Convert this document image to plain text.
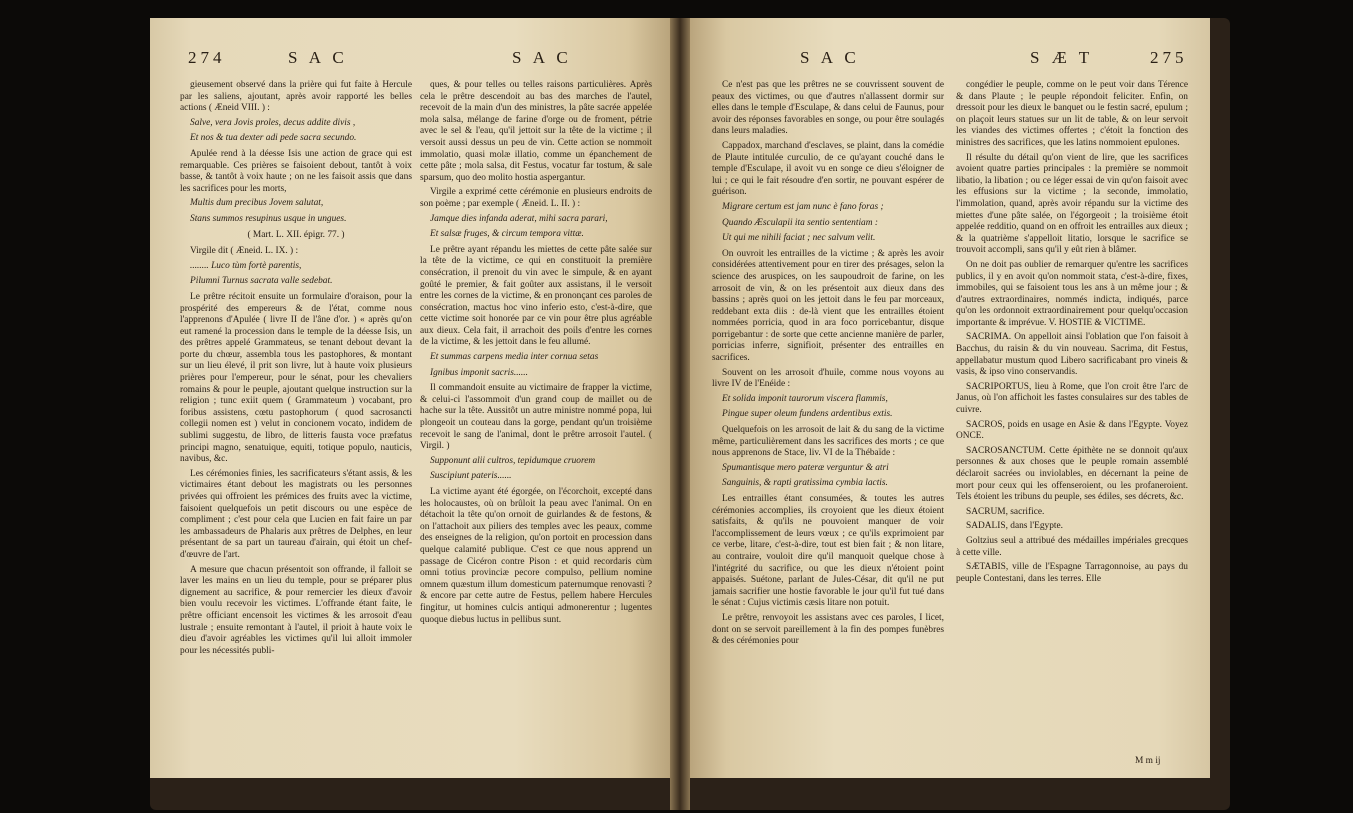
274	S A C	S A C

gieusement observé dans la prière qui fut faite à Hercule par les saliens, ajoutant, après avoir rapporté les belles actions ( Æneid VIII. ) :

Salve, vera Jovis proles, decus addite divis ,

Et nos & tua dexter adi pede sacra secundo.

Apulée rend à la déesse Isis une action de grace qui est remarquable. Ces prières se faisoient debout, tantôt à voix basse, & tantôt à voix haute ; on ne les faisoit assis que dans les sacrifices pour les morts,

Multis dum precibus Jovem salutat,

Stans summos resupinus usque in ungues.

( Mart. L. XII. épigr. 77. )

Virgile dit ( Æneid. L. IX. ) :

........ Luco tùm fortè parentis,

Pilumni Turnus sacrata valle sedebat.

Le prêtre récitoit ensuite un formulaire d'oraison, pour la prospérité des empereurs & de l'état, comme nous l'apprenons d'Apulée ( livre II de l'âne d'or. ) « après qu'on eut ramené la procession dans le temple de la déesse Isis, un des prêtres appelé Grammateus, se tenant debout devant la porte du chœur, assembla tous les pastophores, & montant sur un lieu élevé, il prit son livre, lut à haute voix plusieurs prières pour l'empereur, pour le sénat, pour les chevaliers romains & pour le peuple, ajoutant quelque instruction sur la religion ; tunc exiit quem ( Grammateum ) vocabant, pro foribus assistens, cœtu pastophorum ( quod sacrosancti collegii nomen est ) velut in concionem vocato, indidem de sublimi suggestu, de libro, de litteris fausta voce præfatus principi magno, senatuique, equiti, totique populo, nauticis, navibus, &c.

Les cérémonies finies, les sacrificateurs s'étant assis, & les victimaires étant debout les magistrats ou les personnes privées qui offroient les prémices des fruits avec la victime, faisoient quelquefois un petit discours ou une espèce de compliment ; c'est pour cela que Lucien en fait faire un par les ambassadeurs de Phalaris aux prêtres de Delphes, en leur présentant de sa part un taureau d'airain, qui étoit un chef-d'œuvre de l'art.

A mesure que chacun présentoit son offrande, il falloit se laver les mains en un lieu du temple, pour se préparer plus dignement au sacrifice, & pour remercier les dieux d'avoir bien voulu recevoir les victimes. L'offrande étant faite, le prêtre officiant encensoit les victimes & les arrosoit d'eau lustrale ; ensuite remontant à l'autel, il prioit à haute voix le dieu d'avoir agréables les victimes qu'il lui alloit immoler pour les nécessités publi-

ques, & pour telles ou telles raisons particulières. Après cela le prêtre descendoit au bas des marches de l'autel, recevoit de la main d'un des ministres, la pâte sacrée appelée mola salsa, mélange de farine d'orge ou de froment, pétrie avec le sel & l'eau, qu'il jettoit sur la tête de la victime ; il versoit aussi dessus un peu de vin. Cette action se nommoit immolatio, quasi molæ illatio, comme un épanchement de cette pâte ; mola salsa, dit Festus, vocatur far tostum, & sale sparsum, quo deo molito hostia aspergantur.

Virgile a exprimé cette cérémonie en plusieurs endroits de son poème ; par exemple ( Æneid. L. II. ) :

Jamque dies infanda aderat, mihi sacra parari,

Et salsæ fruges, & circum tempora vittæ.

Le prêtre ayant répandu les miettes de cette pâte salée sur la tête de la victime, ce qui en constituoit la première consécration, il prenoit du vin avec le simpule, & en ayant goûté le premier, & fait goûter aux assistans, il le versoit entre les cornes de la victime, & en prononçant ces paroles de consécration, mactus hoc vino inferio esto, c'est-à-dire, que cette victime soit honorée par ce vin pour être plus agréable aux dieux. Cela fait, il arrachoit des poils d'entre les cornes de la victime, & les jettoit dans le feu allumé.

Et summas carpens media inter cornua setas

Ignibus imponit sacris......

Il commandoit ensuite au victimaire de frapper la victime, & celui-ci l'assommoit d'un grand coup de maillet ou de hache sur la tête. Aussitôt un autre ministre nommé popa, lui plongeoit un couteau dans la gorge, pendant qu'un troisième recevoit le sang de l'animal, dont le prêtre arrosoit l'autel. ( Virgil. )

Supponunt alii cultros, tepidumque cruorem

Suscipiunt pateris......

La victime ayant été égorgée, on l'écorchoit, excepté dans les holocaustes, où on brûloit la peau avec l'animal. On en détachoit la tête qu'on ornoit de guirlandes & de festons, & on l'attachoit aux piliers des temples avec les peaux, comme des enseignes de la religion, qu'on portoit en procession dans quelque calamité publique. C'est ce que nous apprend un passage de Cicéron contre Pison : et quid recordaris cùm omni totius provinciæ pecore compulso, pellium nomine omnem quæstum illum domesticum paternumque renovasti ? & encore par cette autre de Festus, pellem habere Hercules fingitur, ut homines culcis antiqui admonerentur ; lugentes quoque diebus luctus in pellibus sunt.

S A C	S Æ T	275

Ce n'est pas que les prêtres ne se couvrissent souvent de peaux des victimes, ou que d'autres n'allassent dormir sur elles dans le temple d'Esculape, & dans celui de Faunus, pour avoir des réponses favorables en songe, ou pour être soulagés dans leurs maladies.

Cappadox, marchand d'esclaves, se plaint, dans la comédie de Plaute intitulée curculio, de ce qu'ayant couché dans le temple d'Esculape, il avoit vu en songe ce dieu s'éloigner de lui ; ce qui le fait résoudre d'en sortir, ne pouvant espérer de guérison.

Migrare certum est jam nunc è fano foras ;

Quando Æsculapii ita sentio sententiam :

Ut qui me nihili faciat ; nec salvum velit.

On ouvroit les entrailles de la victime ; & après les avoir considérées attentivement pour en tirer des présages, selon la science des aruspices, on les saupoudroit de farine, on les arrosoit de vin, & on les présentoit aux dieux dans des bassins ; après quoi on les jettoit dans le feu par morceaux, reddebant exta diis : de-là vient que les entrailles étoient nommées porricia, quod in ara foco porricebantur, disque porrigebantur : de sorte que cette ancienne manière de parler, porricias inferre, signifioit, présenter des entrailles en sacrifices.

Souvent on les arrosoit d'huile, comme nous voyons au livre IV de l'Enéide :

Et solida imponit taurorum viscera flammis,

Pingue super oleum fundens ardentibus extis.

Quelquefois on les arrosoit de lait & du sang de la victime même, particulièrement dans les sacrifices des morts ; ce que nous apprenons de Stace, liv. VI de la Thébaïde :

Spumantisque mero pateræ verguntur & atri

Sanguinis, & rapti gratissima cymbia lactis.

Les entrailles étant consumées, & toutes les autres cérémonies accomplies, ils croyoient que les dieux étoient satisfaits, & qu'ils ne pouvoient manquer de voir l'accomplissement de leurs vœux ; ce qu'ils exprimoient par ce verbe, litare, c'est-à-dire, tout est bien fait ; & non litare, au contraire, vouloit dire qu'il manquoit quelque chose à l'intégrité du sacrifice, ou que les dieux n'étoient point appaisés. Suétone, parlant de Jules-César, dit qu'il ne put jamais sacrifier une hostie favorable le jour qu'il fut tué dans le sénat : Cujus victimis cæsis litare non potuit.

Le prêtre, renvoyoit les assistans avec ces paroles, I licet, dont on se servoit pareillement à la fin des pompes funèbres & des cérémonies pour

congédier le peuple, comme on le peut voir dans Térence & dans Plaute ; le peuple répondoit feliciter. Enfin, on dressoit pour les dieux le banquet ou le festin sacré, epulum ; on plaçoit leurs statues sur un lit de table, & on leur servoit les viandes des victimes offertes ; c'étoit la fonction des ministres des sacrifices, que les latins nommoient epulones.

Il résulte du détail qu'on vient de lire, que les sacrifices avoient quatre parties principales : la première se nommoit libatio, la libation ; ou ce léger essai de vin qu'on faisoit avec les effusions sur la victime ; la seconde, immolatio, l'immolation, quand, après avoir répandu sur la victime des miettes d'une pâte salée, on l'égorgeoit ; la troisième étoit appelée redditio, quand on en offroit les entrailles aux dieux ; & la quatrième s'appelloit litatio, lorsque le sacrifice se trouvoit accompli, sans qu'il y eût rien à blâmer.

On ne doit pas oublier de remarquer qu'entre les sacrifices publics, il y en avoit qu'on nommoit stata, c'est-à-dire, fixes, immobiles, qui se faisoient tous les ans à un même jour ; & d'autres extraordinaires, nommés indicta, indiqués, parce qu'on les ordonnoit extraordinairement pour quelqu'occasion importante & imprévue. V. HOSTIE & VICTIME.

SACRIMA. On appelloit ainsi l'oblation que l'on faisoit à Bacchus, du raisin & du vin nouveau. Sacrima, dit Festus, appellabatur mustum quod Libero sacrificabant pro vineis & vasis, & ipso vino conservandis.

SACRIPORTUS, lieu à Rome, que l'on croit être l'arc de Janus, où l'on affichoit les fastes consulaires sur des tables de cuivre.

SACROS, poids en usage en Asie & dans l'Egypte. Voyez ONCE.

SACROSANCTUM. Cette épithète ne se donnoit qu'aux personnes & aux choses que le peuple romain assemblé déclaroit sacrées ou inviolables, en décernant la peine de mort pour ceux qui les offenseroient, ou les profaneroient. Tels étoient les tribuns du peuple, ses édiles, ses décrets, &c.

SACRUM, sacrifice.

SADALIS, dans l'Egypte.

Goltzius seul a attribué des médailles impériales grecques à cette ville.

SÆTABIS, ville de l'Espagne Tarragonnoise, au pays du peuple Contestani, dans les terres. Elle

M m ij
